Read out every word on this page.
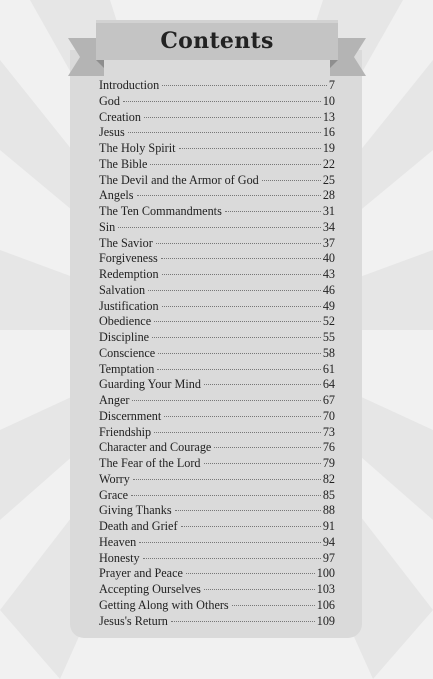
Contents
Introduction	7
God	10
Creation	13
Jesus	16
The Holy Spirit	19
The Bible	22
The Devil and the Armor of God	25
Angels	28
The Ten Commandments	31
Sin	34
The Savior	37
Forgiveness	40
Redemption	43
Salvation	46
Justification	49
Obedience	52
Discipline	55
Conscience	58
Temptation	61
Guarding Your Mind	64
Anger	67
Discernment	70
Friendship	73
Character and Courage	76
The Fear of the Lord	79
Worry	82
Grace	85
Giving Thanks	88
Death and Grief	91
Heaven	94
Honesty	97
Prayer and Peace	100
Accepting Ourselves	103
Getting Along with Others	106
Jesus's Return	109
